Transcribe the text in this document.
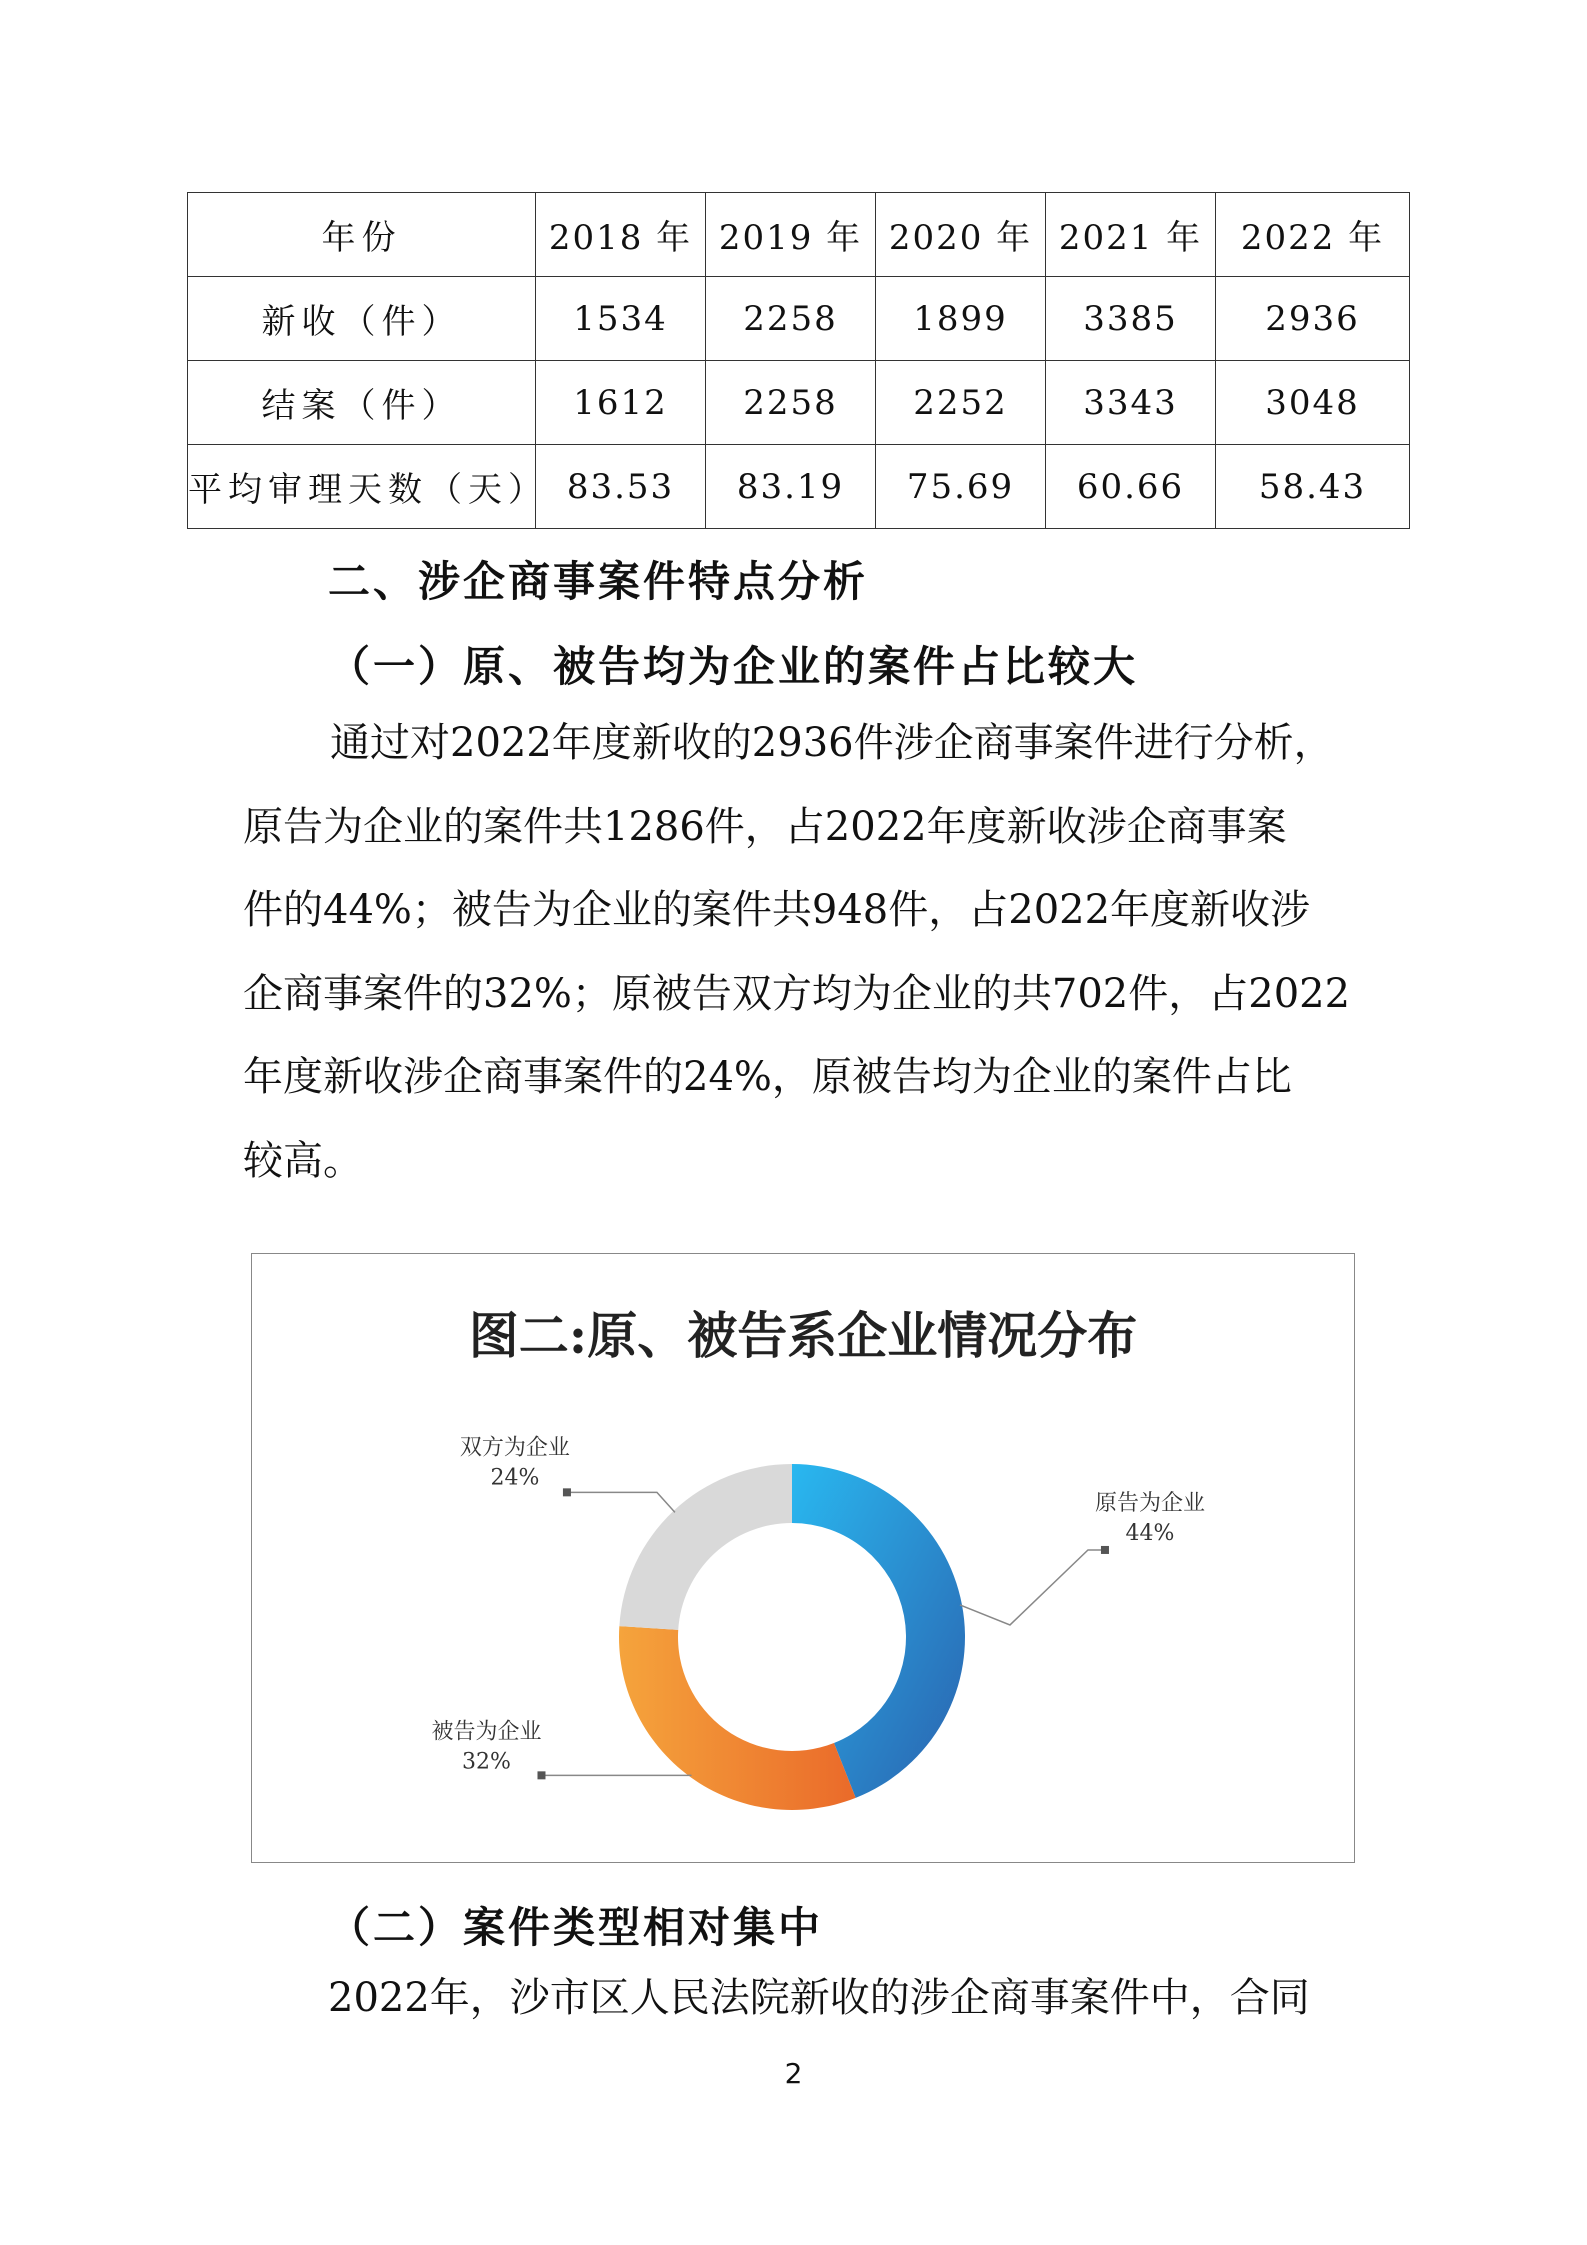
年份	2018 年	2019 年	2020 年	2021 年	2022 年
新收（件）	1534	2258	1899	3385	2936
结案（件）	1612	2258	2252	3343	3048
平均审理天数（天）	83.53	83.19	75.69	60.66	58.43
二、涉企商事案件特点分析
（一）原、被告均为企业的案件占比较大

通过对2022年度新收的2936件涉企商事案件进行分析，

原告为企业的案件共1286件，占2022年度新收涉企商事案

件的44%；被告为企业的案件共948件，占2022年度新收涉

企商事案件的32%；原被告双方均为企业的共702件，占2022

年度新收涉企商事案件的24%，原被告均为企业的案件占比

较高。

图二:原、被告系企业情况分布
原告为企业
44%
被告为企业
32%
双方为企业
24%
（二）案件类型相对集中

2022年，沙市区人民法院新收的涉企商事案件中，合同

2
